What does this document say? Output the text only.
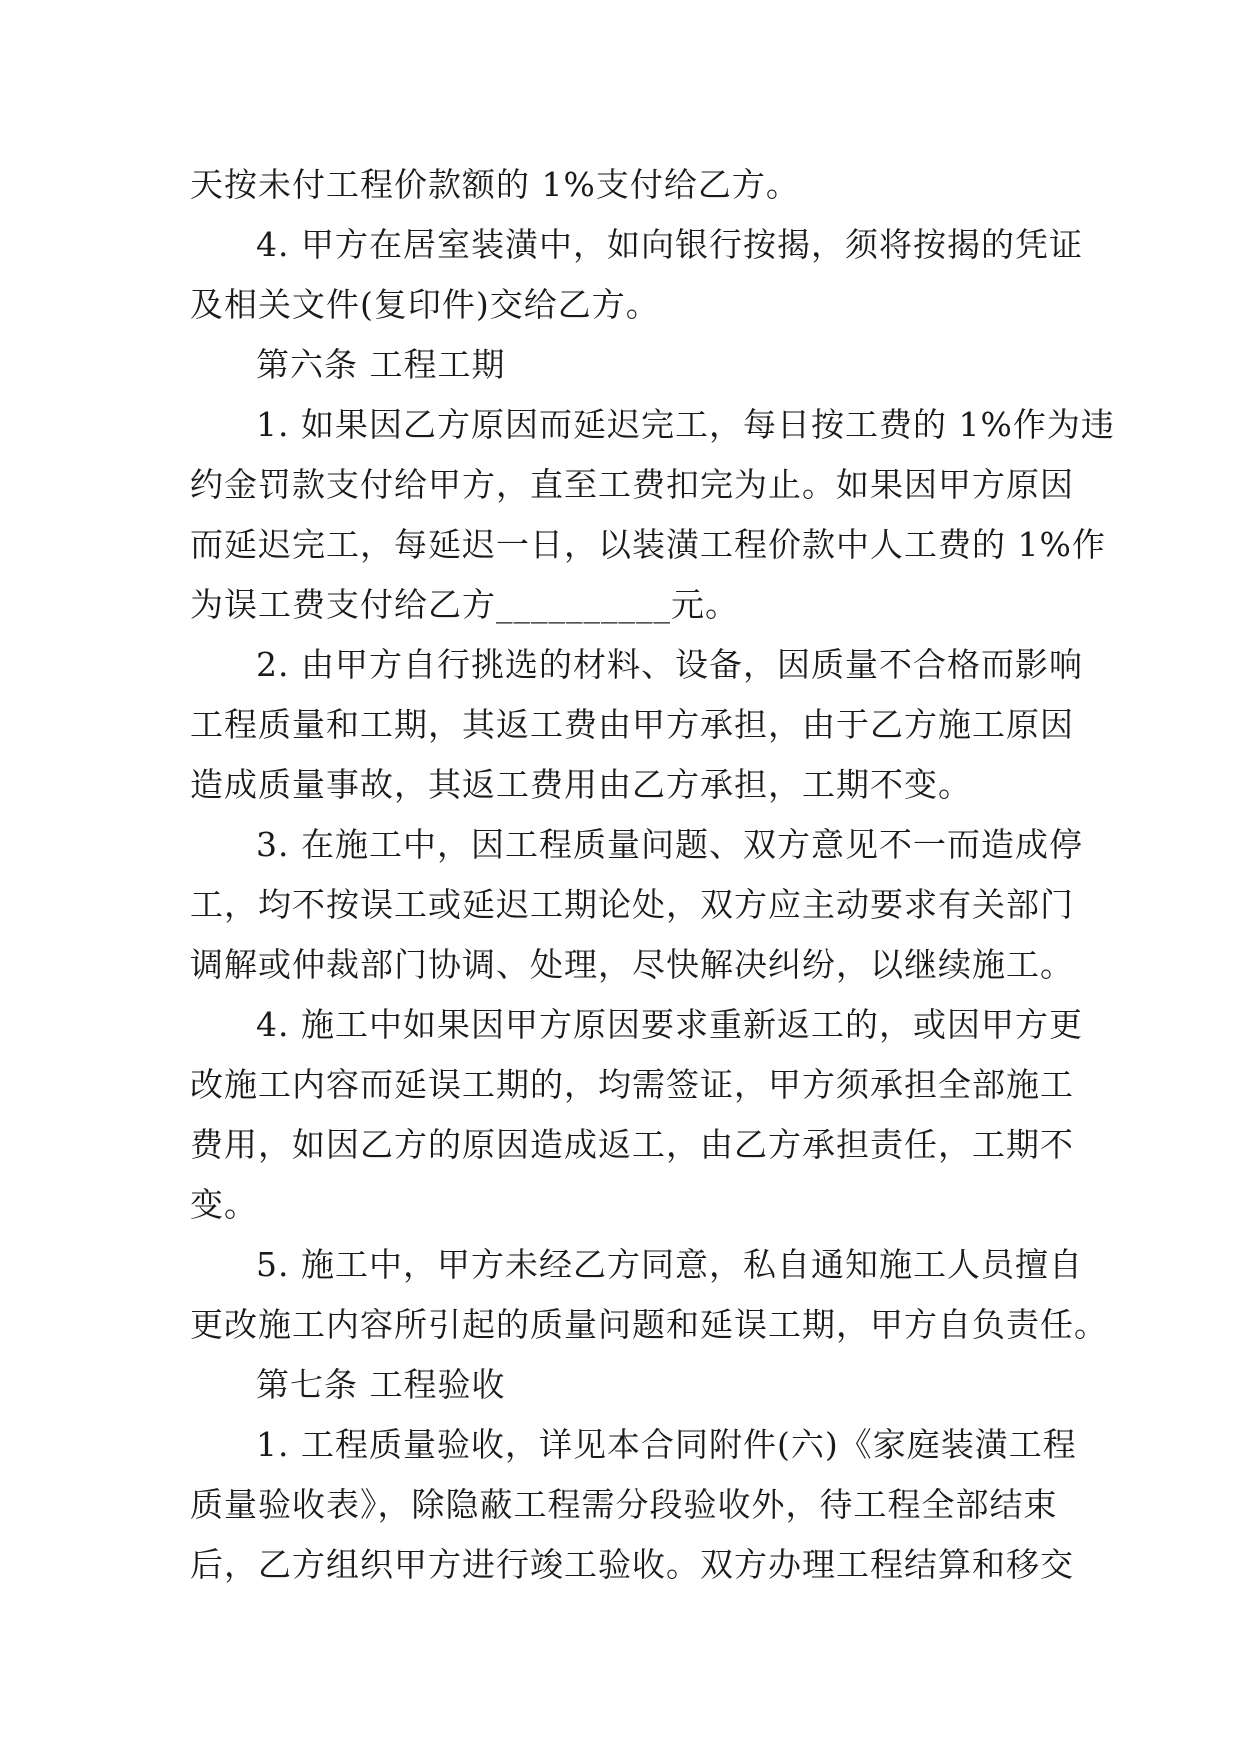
天按未付工程价款额的 1%支付给乙方。
4. 甲方在居室装潢中，如向银行按揭，须将按揭的凭证
及相关文件(复印件)交给乙方。
第六条 工程工期
1. 如果因乙方原因而延迟完工，每日按工费的 1%作为违
约金罚款支付给甲方，直至工费扣完为止。如果因甲方原因
而延迟完工，每延迟一日，以装潢工程价款中人工费的 1%作
为误工费支付给乙方__________元。
2. 由甲方自行挑选的材料、设备，因质量不合格而影响
工程质量和工期，其返工费由甲方承担，由于乙方施工原因
造成质量事故，其返工费用由乙方承担，工期不变。
3. 在施工中，因工程质量问题、双方意见不一而造成停
工，均不按误工或延迟工期论处，双方应主动要求有关部门
调解或仲裁部门协调、处理，尽快解决纠纷，以继续施工。
4. 施工中如果因甲方原因要求重新返工的，或因甲方更
改施工内容而延误工期的，均需签证，甲方须承担全部施工
费用，如因乙方的原因造成返工，由乙方承担责任，工期不
变。
5. 施工中，甲方未经乙方同意，私自通知施工人员擅自
更改施工内容所引起的质量问题和延误工期，甲方自负责任。
第七条 工程验收
1. 工程质量验收，详见本合同附件(六)《家庭装潢工程
质量验收表》，除隐蔽工程需分段验收外，待工程全部结束
后，乙方组织甲方进行竣工验收。双方办理工程结算和移交
